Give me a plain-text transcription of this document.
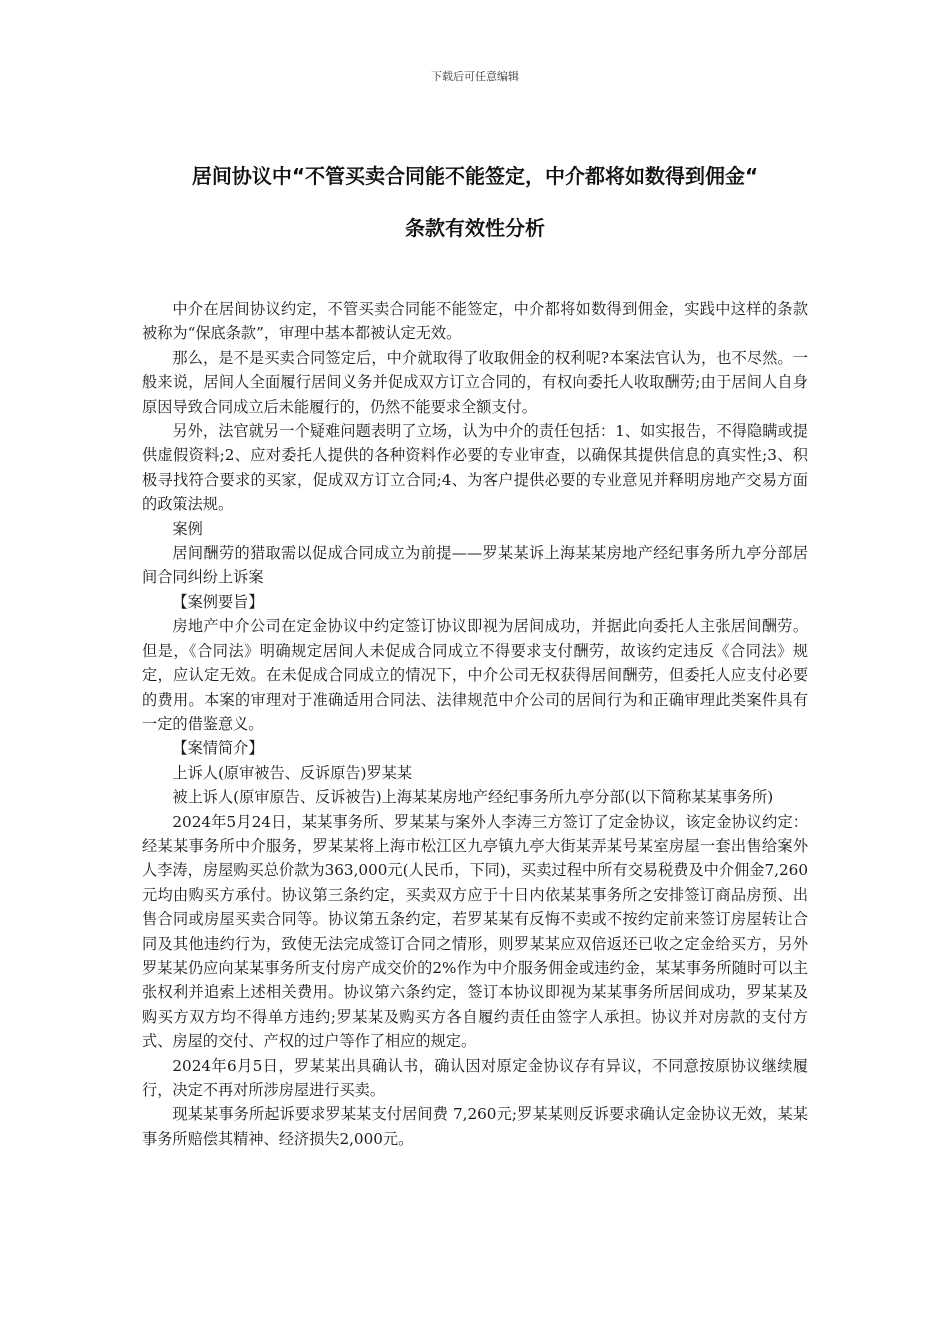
下载后可任意编辑
居间协议中“不管买卖合同能不能签定，中介都将如数得到佣金“
条款有效性分析

中介在居间协议约定，不管买卖合同能不能签定，中介都将如数得到佣金，实践中这样的条款被称为“保底条款”，审理中基本都被认定无效。

那么，是不是买卖合同签定后，中介就取得了收取佣金的权利呢?本案法官认为，也不尽然。一般来说，居间人全面履行居间义务并促成双方订立合同的，有权向委托人收取酬劳;由于居间人自身原因导致合同成立后未能履行的，仍然不能要求全额支付。

另外，法官就另一个疑难问题表明了立场，认为中介的责任包括：1、如实报告，不得隐瞒或提供虚假资料;2、应对委托人提供的各种资料作必要的专业审查，以确保其提供信息的真实性;3、积极寻找符合要求的买家，促成双方订立合同;4、为客户提供必要的专业意见并释明房地产交易方面的政策法规。

案例

居间酬劳的猎取需以促成合同成立为前提——罗某某诉上海某某房地产经纪事务所九亭分部居间合同纠纷上诉案

【案例要旨】

房地产中介公司在定金协议中约定签订协议即视为居间成功，并据此向委托人主张居间酬劳。但是，《合同法》明确规定居间人未促成合同成立不得要求支付酬劳，故该约定违反《合同法》规定，应认定无效。在未促成合同成立的情况下，中介公司无权获得居间酬劳，但委托人应支付必要的费用。本案的审理对于准确适用合同法、法律规范中介公司的居间行为和正确审理此类案件具有一定的借鉴意义。

【案情简介】

上诉人(原审被告、反诉原告)罗某某

被上诉人(原审原告、反诉被告)上海某某房地产经纪事务所九亭分部(以下简称某某事务所)

2024年5月24日，某某事务所、罗某某与案外人李涛三方签订了定金协议，该定金协议约定：经某某事务所中介服务，罗某某将上海市松江区九亭镇九亭大街某弄某号某室房屋一套出售给案外人李涛，房屋购买总价款为363,000元(人民币，下同)，买卖过程中所有交易税费及中介佣金7,260元均由购买方承付。协议第三条约定，买卖双方应于十日内依某某事务所之安排签订商品房预、出售合同或房屋买卖合同等。协议第五条约定，若罗某某有反悔不卖或不按约定前来签订房屋转让合同及其他违约行为，致使无法完成签订合同之情形，则罗某某应双倍返还已收之定金给买方，另外罗某某仍应向某某事务所支付房产成交价的2%作为中介服务佣金或违约金，某某事务所随时可以主张权利并追索上述相关费用。协议第六条约定，签订本协议即视为某某事务所居间成功，罗某某及购买方双方均不得单方违约;罗某某及购买方各自履约责任由签字人承担。协议并对房款的支付方式、房屋的交付、产权的过户等作了相应的规定。

2024年6月5日，罗某某出具确认书，确认因对原定金协议存有异议，不同意按原协议继续履行，决定不再对所涉房屋进行买卖。

现某某事务所起诉要求罗某某支付居间费 7,260元;罗某某则反诉要求确认定金协议无效，某某事务所赔偿其精神、经济损失2,000元。
